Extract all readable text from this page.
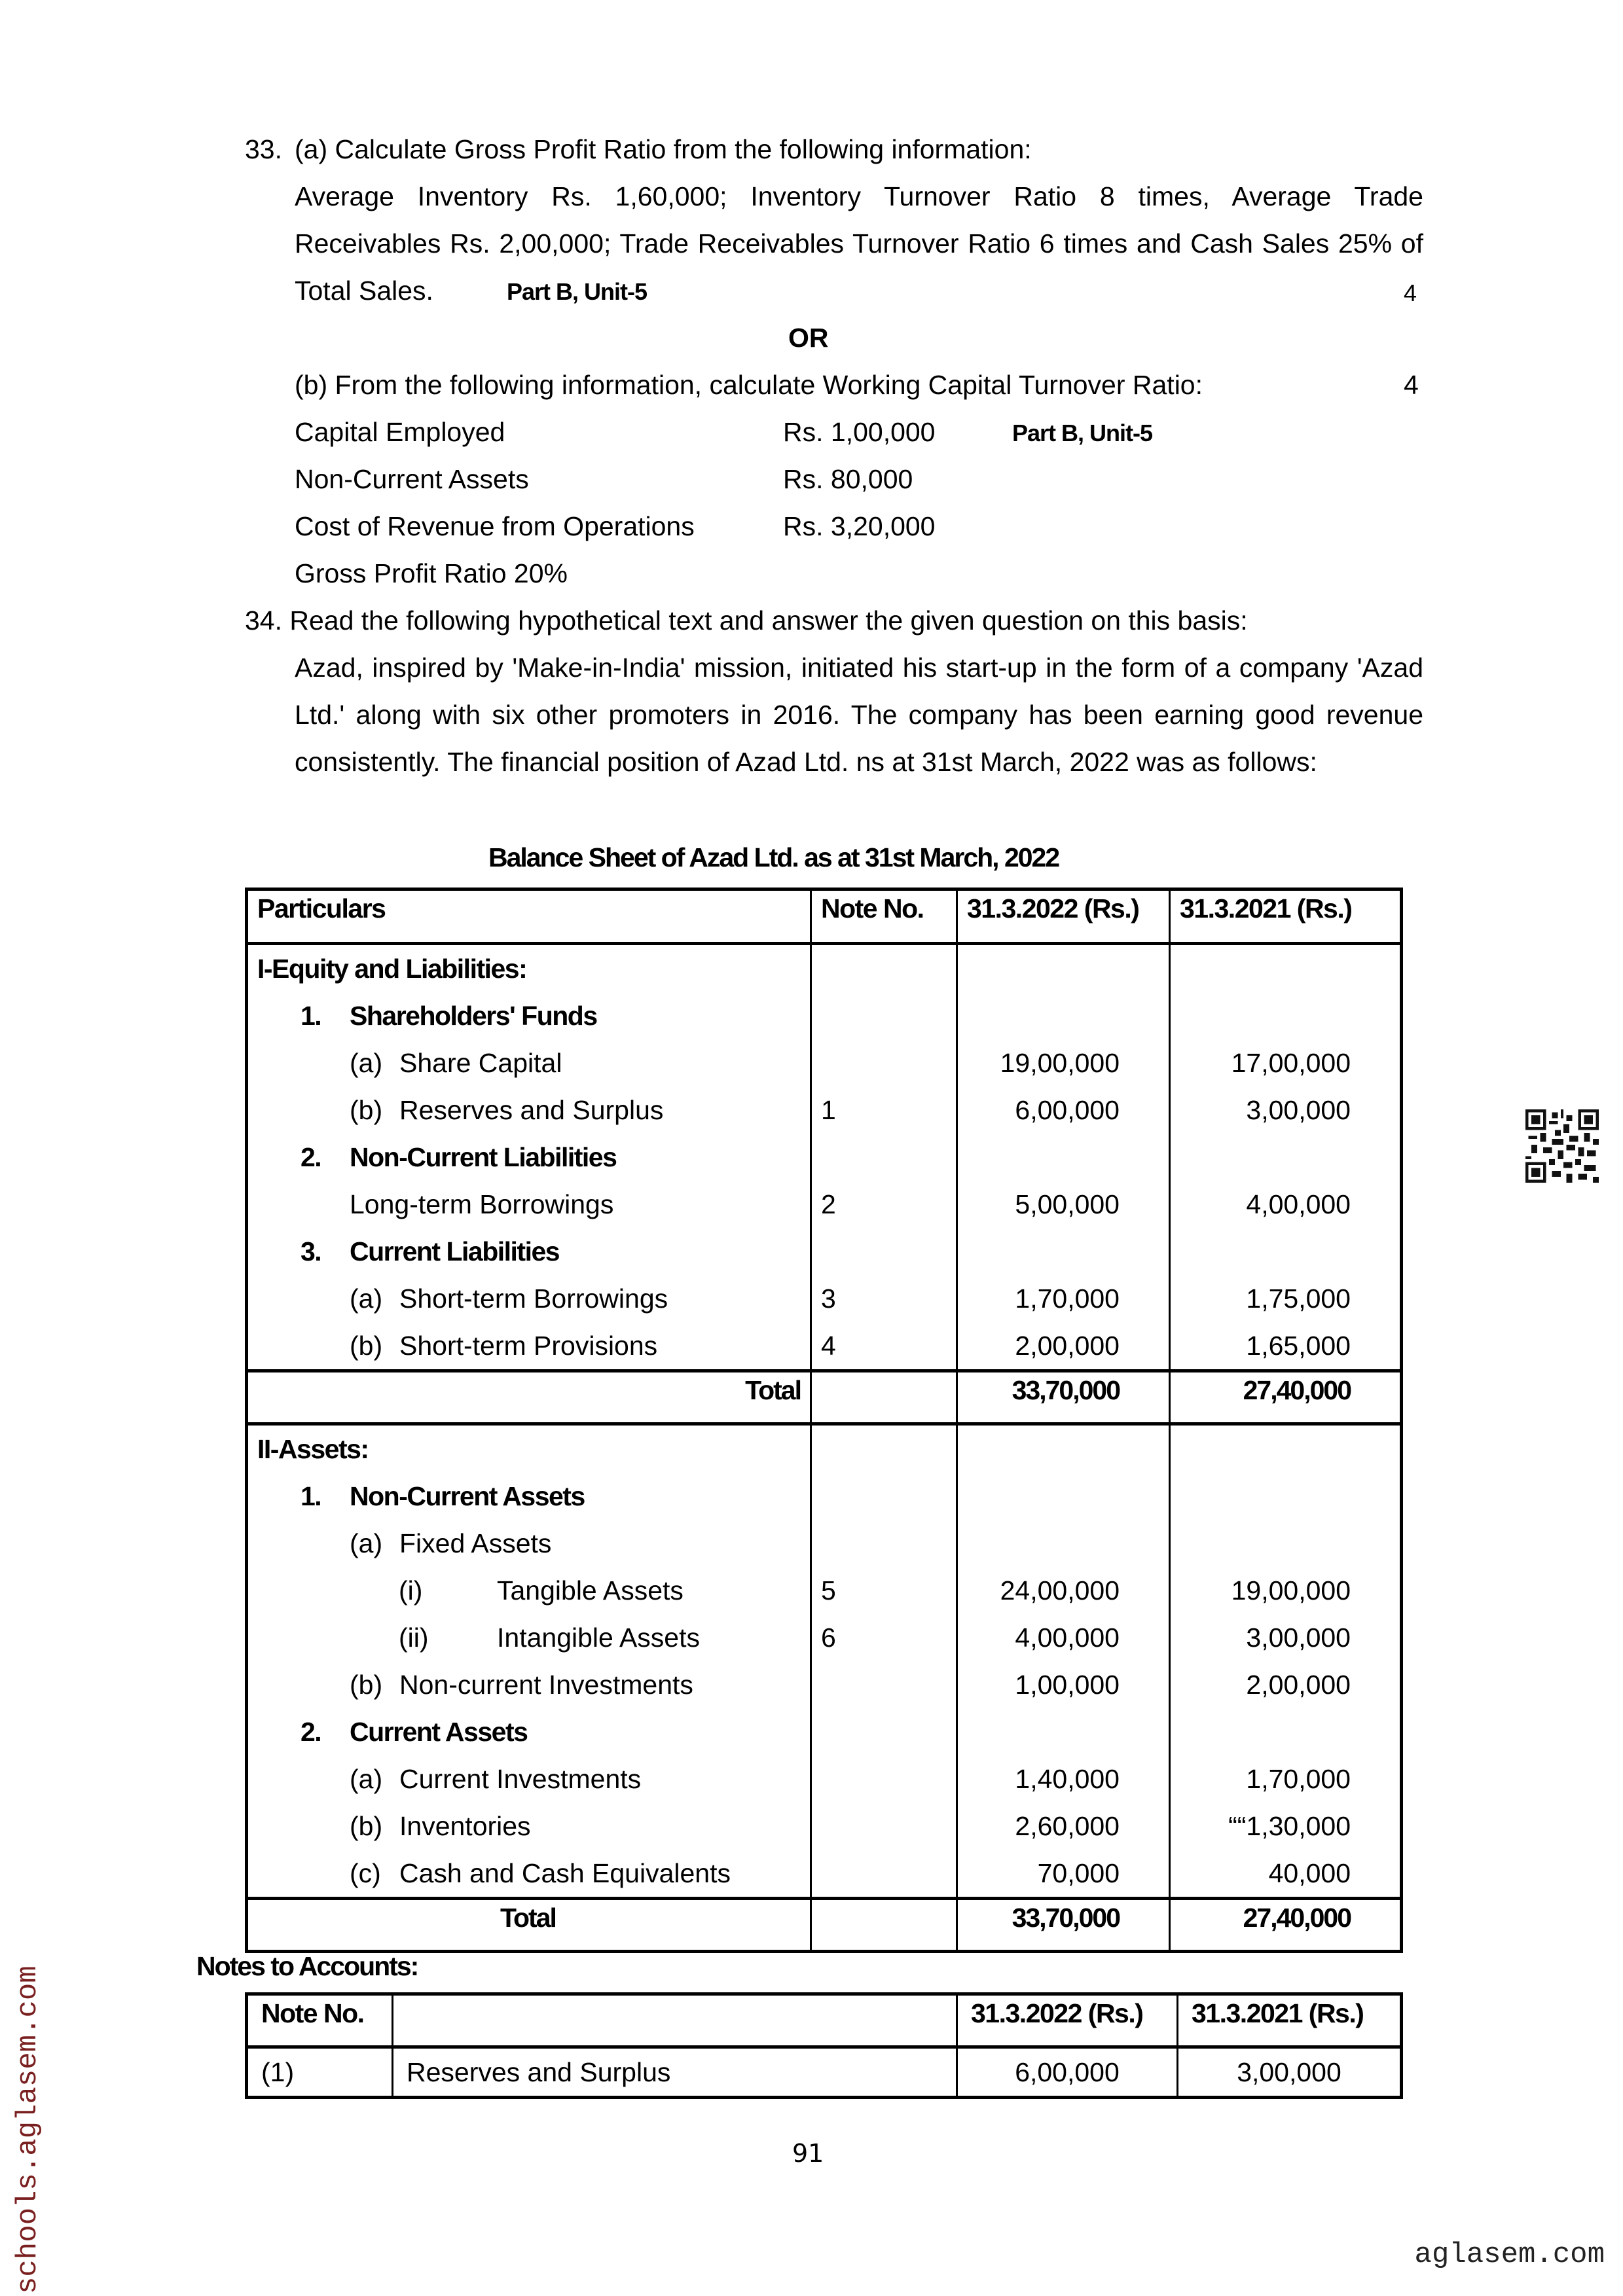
33. (a) Calculate Gross Profit Ratio from the following information:
Average Inventory Rs. 1,60,000; Inventory Turnover Ratio 8 times, Average Trade
Receivables Rs. 2,00,000; Trade Receivables Turnover Ratio 6 times and Cash Sales 25% of
Total Sales.	Part B, Unit-5	4
OR
(b) From the following information, calculate Working Capital Turnover Ratio:	4
Capital Employed	Rs. 1,00,000	Part B, Unit-5
Non-Current Assets	Rs. 80,000
Cost of Revenue from Operations	Rs. 3,20,000
Gross Profit Ratio 20%
34. Read the following hypothetical text and answer the given question on this basis:
Azad, inspired by 'Make-in-India' mission, initiated his start-up in the form of a company 'Azad
Ltd.' along with six other promoters in 2016. The company has been earning good revenue
consistently. The financial position of Azad Ltd. ns at 31st March, 2022 was as follows:
Balance Sheet of Azad Ltd. as at 31st March, 2022
Particulars	Note No.	31.3.2022 (Rs.)	31.3.2021 (Rs.)
I-Equity and Liabilities:			
1. Shareholders' Funds			
(a) Share Capital		19,00,000	17,00,000
(b) Reserves and Surplus	1	6,00,000	3,00,000
2. Non-Current Liabilities			
Long-term Borrowings	2	5,00,000	4,00,000
3. Current Liabilities			
(a) Short-term Borrowings	3	1,70,000	1,75,000
(b) Short-term Provisions	4	2,00,000	1,65,000
Total		33,70,000	27,40,000
II-Assets:			
1. Non-Current Assets			
(a) Fixed Assets			
(i) Tangible Assets	5	24,00,000	19,00,000
(ii) Intangible Assets	6	4,00,000	3,00,000
(b) Non-current Investments		1,00,000	2,00,000
2. Current Assets			
(a) Current Investments		1,40,000	1,70,000
(b) Inventories		2,60,000	““1,30,000
(c) Cash and Cash Equivalents		70,000	40,000
Total		33,70,000	27,40,000
Notes to Accounts:
Note No.		31.3.2022 (Rs.)	31.3.2021 (Rs.)
(1)	Reserves and Surplus	6,00,000	3,00,000
91
schools.aglasem.com	aglasem.com
